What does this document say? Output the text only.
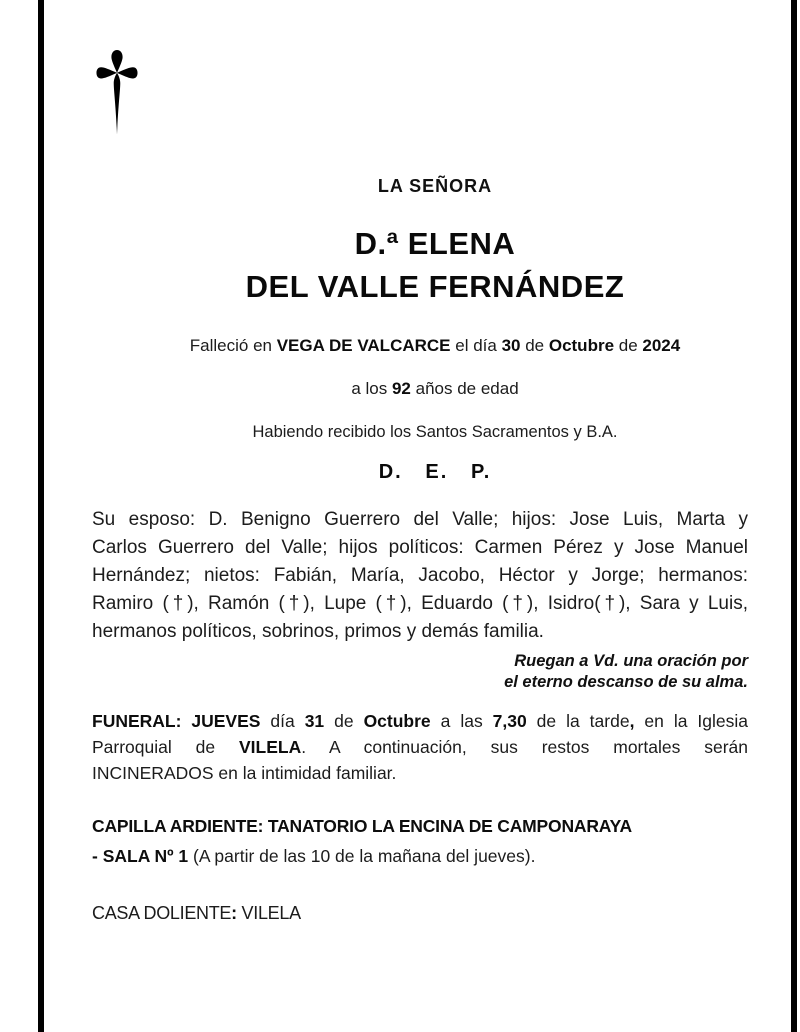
LA SEÑORA
D.ª ELENA
DEL VALLE FERNÁNDEZ
Falleció en VEGA DE VALCARCE el día 30 de Octubre de 2024
a los 92 años de edad
Habiendo recibido los Santos Sacramentos y B.A.
D.   E.   P.
Su esposo: D. Benigno Guerrero del Valle; hijos: Jose Luis, Marta y
Carlos Guerrero del Valle; hijos políticos: Carmen Pérez y Jose Manuel
Hernández; nietos: Fabián, María, Jacobo, Héctor y Jorge; hermanos:
Ramiro (†), Ramón (†), Lupe (†), Eduardo (†), Isidro(†), Sara y Luis,
hermanos políticos, sobrinos, primos y demás familia.
Ruegan a Vd. una oración por
el eterno descanso de su alma.
FUNERAL: JUEVES día 31 de Octubre a las 7,30 de la tarde, en la Iglesia
Parroquial de VILELA. A continuación, sus restos mortales serán
INCINERADOS en la intimidad familiar.
CAPILLA ARDIENTE: TANATORIO LA ENCINA DE CAMPONARAYA
- SALA Nº 1 (A partir de las 10 de la mañana del jueves).
CASA DOLIENTE: VILELA
